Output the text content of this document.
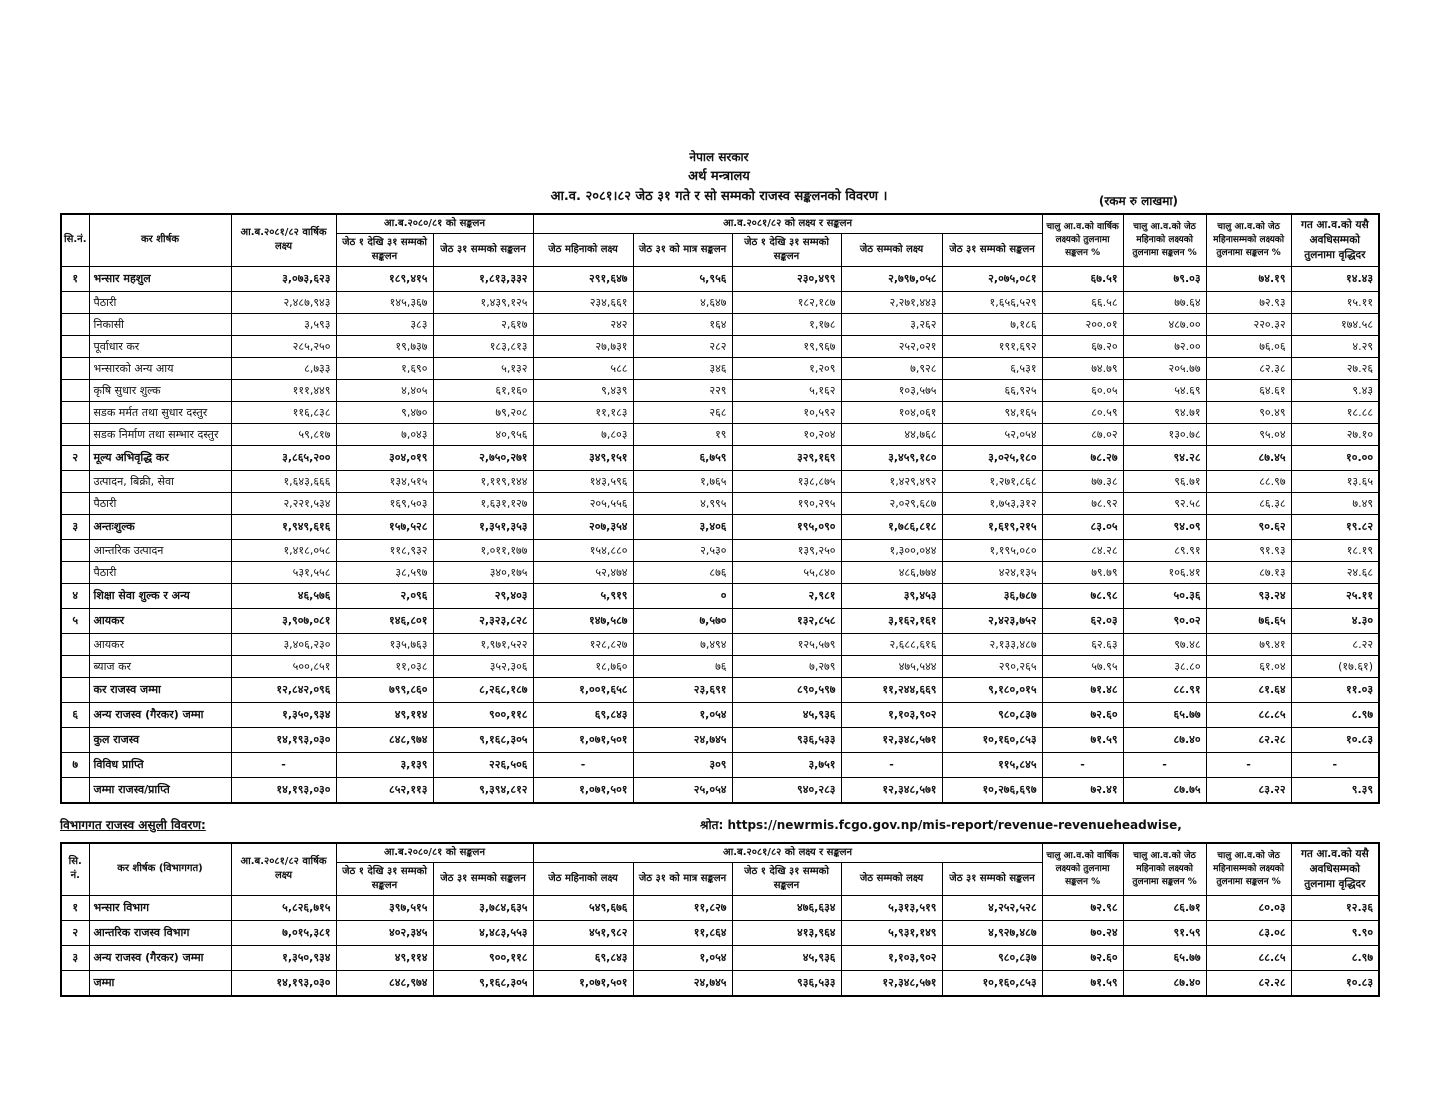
नेपाल सरकार
अर्थ मन्त्रालय
आ.व. २०८१।८२ जेठ ३१ गते र सो सम्मको राजस्व सङ्कलनको विवरण ।	(रकम रु लाखमा)
सि.नं.	कर शीर्षक	आ.ब.२०८१/८२ वार्षिक लक्ष्य	आ.ब.२०८०/८१ को सङ्कलन		आ.व.२०८१/८२ को लक्ष्य र सङ्कलन					चालु आ.व.को वार्षिक लक्ष्यको तुलनामा सङ्कलन %	चालु आ.व.को जेठ महिनाको लक्ष्यको तुलनामा सङ्कलन %	चालु आ.व.को जेठ महिनासम्मको लक्ष्यको तुलनामा सङ्कलन %	गत आ.व.को यसै अवधिसम्मको तुलनामा वृद्धिदर
			जेठ १ देखि ३१ सम्मको सङ्कलन	जेठ ३१ सम्मको सङ्कलन	जेठ महिनाको लक्ष्य	जेठ ३१ को मात्र सङ्कलन	जेठ १ देखि ३१ सम्मको सङ्कलन	जेठ सम्मको लक्ष्य	जेठ ३१ सम्मको सङ्कलन				
१	भन्सार महशुल	३,०७३,६२३	१८९,४१५	१,८१३,३३२	२९१,६४७	५,९५६	२३०,४९९	२,७९७,०५८	२,०७५,०८१	६७.५१	७९.०३	७४.१९	१४.४३
	पैठारी	२,४८७,९४३	१४५,३६७	१,४३९,१२५	२३४,६६१	४,६४७	१८२,१८७	२,२७१,४४३	१,६५६,५२९	६६.५८	७७.६४	७२.९३	१५.११
	निकासी	३,५९३	३८३	२,६१७	२४२	१६४	१,१७८	३,२६२	७,१८६	२००.०१	४८७.००	२२०.३२	१७४.५८
	पूर्वाधार कर	२८५,२५०	१९,७३७	१८३,८१३	२७,७३१	२८२	१९,९६७	२५२,०२१	१९१,६९२	६७.२०	७२.००	७६.०६	४.२९
	भन्सारको अन्य आय	८,७३३	१,६९०	५,१३२	५८८	३४६	१,२०९	७,९२८	६,५३१	७४.७९	२०५.७७	८२.३८	२७.२६
	कृषि सुधार शुल्क	१११,४४९	४,४०५	६१,१६०	९,४३९	२२९	५,१६२	१०३,५७५	६६,९२५	६०.०५	५४.६९	६४.६१	९.४३
	सडक मर्मत तथा सुधार दस्तुर	११६,८३८	९,४७०	७९,२०८	११,१८३	२६८	१०,५९२	१०४,०६१	९४,१६५	८०.५९	९४.७१	९०.४९	१८.८८
	सडक निर्माण तथा सम्भार दस्तुर	५९,८१७	७,०४३	४०,९५६	७,८०३	१९	१०,२०४	४४,७६८	५२,०५४	८७.०२	१३०.७८	९५.०४	२७.१०
२	मूल्य अभिवृद्धि कर	३,८६५,२००	३०४,०१९	२,७५०,२७१	३४९,१५१	६,७५९	३२९,१६९	३,४५९,१८०	३,०२५,१८०	७८.२७	९४.२८	८७.४५	१०.००
	उत्पादन, बिक्री, सेवा	१,६४३,६६६	१३४,५१५	१,११९,१४४	१४३,५९६	१,७६५	१३८,८७५	१,४२९,४९२	१,२७१,८६८	७७.३८	९६.७१	८८.९७	१३.६५
	पैठारी	२,२२१,५३४	१६९,५०३	१,६३१,१२७	२०५,५५६	४,९९५	१९०,२९५	२,०२९,६८७	१,७५३,३१२	७८.९२	९२.५८	८६.३८	७.४९
३	अन्तःशुल्क	१,९४९,६१६	१५७,५२८	१,३५१,३५३	२०७,३५४	३,४०६	१९५,०९०	१,७८६,८१८	१,६१९,२१५	८३.०५	९४.०९	९०.६२	१९.८२
	आन्तरिक उत्पादन	१,४१८,०५८	११८,९३२	१,०११,१७७	१५४,८८०	२,५३०	१३९,२५०	१,३००,०४४	१,१९५,०८०	८४.२८	८९.९१	९१.९३	१८.१९
	पैठारी	५३१,५५८	३८,५९७	३४०,१७५	५२,४७४	८७६	५५,८४०	४८६,७७४	४२४,१३५	७९.७९	१०६.४१	८७.१३	२४.६८
४	शिक्षा सेवा शुल्क र अन्य	४६,५७६	२,०९६	२९,४०३	५,९१९	०	२,९८१	३९,४५३	३६,७८७	७८.९८	५०.३६	९३.२४	२५.११
५	आयकर	३,९०७,०८१	१४६,८०१	२,३२३,८२८	१४७,५८७	७,५७०	१३२,८५८	३,१६२,१६१	२,४२३,७५२	६२.०३	९०.०२	७६.६५	४.३०
	आयकर	३,४०६,२३०	१३५,७६३	१,९७१,५२२	१२८,८२७	७,४९४	१२५,५७९	२,६८८,६१६	२,१३३,४८७	६२.६३	९७.४८	७९.४१	८.२२
	ब्याज कर	५००,८५१	११,०३८	३५२,३०६	१८,७६०	७६	७,२७९	४७५,५४४	२९०,२६५	५७.९५	३८.८०	६१.०४	(१७.६१)
	कर राजस्व जम्मा	१२,८४२,०९६	७९९,८६०	८,२६८,१८७	१,००१,६५८	२३,६९१	८९०,५९७	११,२४४,६६९	९,१८०,०१५	७१.४८	८८.९१	८१.६४	११.०३
६	अन्य राजस्व (गैरकर) जम्मा	१,३५०,९३४	४९,११४	९००,११८	६९,८४३	१,०५४	४५,९३६	१,१०३,९०२	९८०,८३७	७२.६०	६५.७७	८८.८५	८.९७
	कुल राजस्व	१४,१९३,०३०	८४८,९७४	९,१६८,३०५	१,०७१,५०१	२४,७४५	९३६,५३३	१२,३४८,५७१	१०,१६०,८५३	७१.५९	८७.४०	८२.२८	१०.८३
७	विविध प्राप्ति	-	३,१३९	२२६,५०६	-	३०९	३,७५१	-	११५,८४५	-	-	-	-
	जम्मा राजस्व/प्राप्ति	१४,१९३,०३०	८५२,११३	९,३९४,८१२	१,०७१,५०१	२५,०५४	९४०,२८३	१२,३४८,५७१	१०,२७६,६९७	७२.४१	८७.७५	८३.२२	९.३९
विभागगत राजस्व असुली विवरण:	श्रोत: https://newrmis.fcgo.gov.np/mis-report/revenue-revenueheadwise,
सि. नं.	कर शीर्षक (विभागगत)	आ.ब.२०८१/८२ वार्षिक लक्ष्य	आ.ब.२०८०/८१ को सङ्कलन		आ.ब.२०८१/८२ को लक्ष्य र सङ्कलन					चालु आ.व.को वार्षिक लक्ष्यको तुलनामा सङ्कलन %	चालु आ.व.को जेठ महिनाको लक्ष्यको तुलनामा सङ्कलन %	चालु आ.व.को जेठ महिनासम्मको लक्ष्यको तुलनामा सङ्कलन %	गत आ.व.को यसै अवधिसम्मको तुलनामा वृद्धिदर
			जेठ १ देखि ३१ सम्मको सङ्कलन	जेठ ३१ सम्मको सङ्कलन	जेठ महिनाको लक्ष्य	जेठ ३१ को मात्र सङ्कलन	जेठ १ देखि ३१ सम्मको सङ्कलन	जेठ सम्मको लक्ष्य	जेठ ३१ सम्मको सङ्कलन				
१	भन्सार विभाग	५,८२६,७१५	३९७,५१५	३,७८४,६३५	५४९,६७६	११,८२७	४७६,६३४	५,३१३,५१९	४,२५२,५२८	७२.९८	८६.७१	८०.०३	१२.३६
२	आन्तरिक राजस्व विभाग	७,०१५,३८१	४०२,३४५	४,४८३,५५३	४५१,९८२	११,८६४	४१३,९६४	५,९३१,१४९	४,९२७,४८७	७०.२४	९१.५९	८३.०८	९.९०
३	अन्य राजस्व (गैरकर) जम्मा	१,३५०,९३४	४९,११४	९००,११८	६९,८४३	१,०५४	४५,९३६	१,१०३,९०२	९८०,८३७	७२.६०	६५.७७	८८.८५	८.९७
	जम्मा	१४,१९३,०३०	८४८,९७४	९,१६८,३०५	१,०७१,५०१	२४,७४५	९३६,५३३	१२,३४८,५७१	१०,१६०,८५३	७१.५९	८७.४०	८२.२८	१०.८३
